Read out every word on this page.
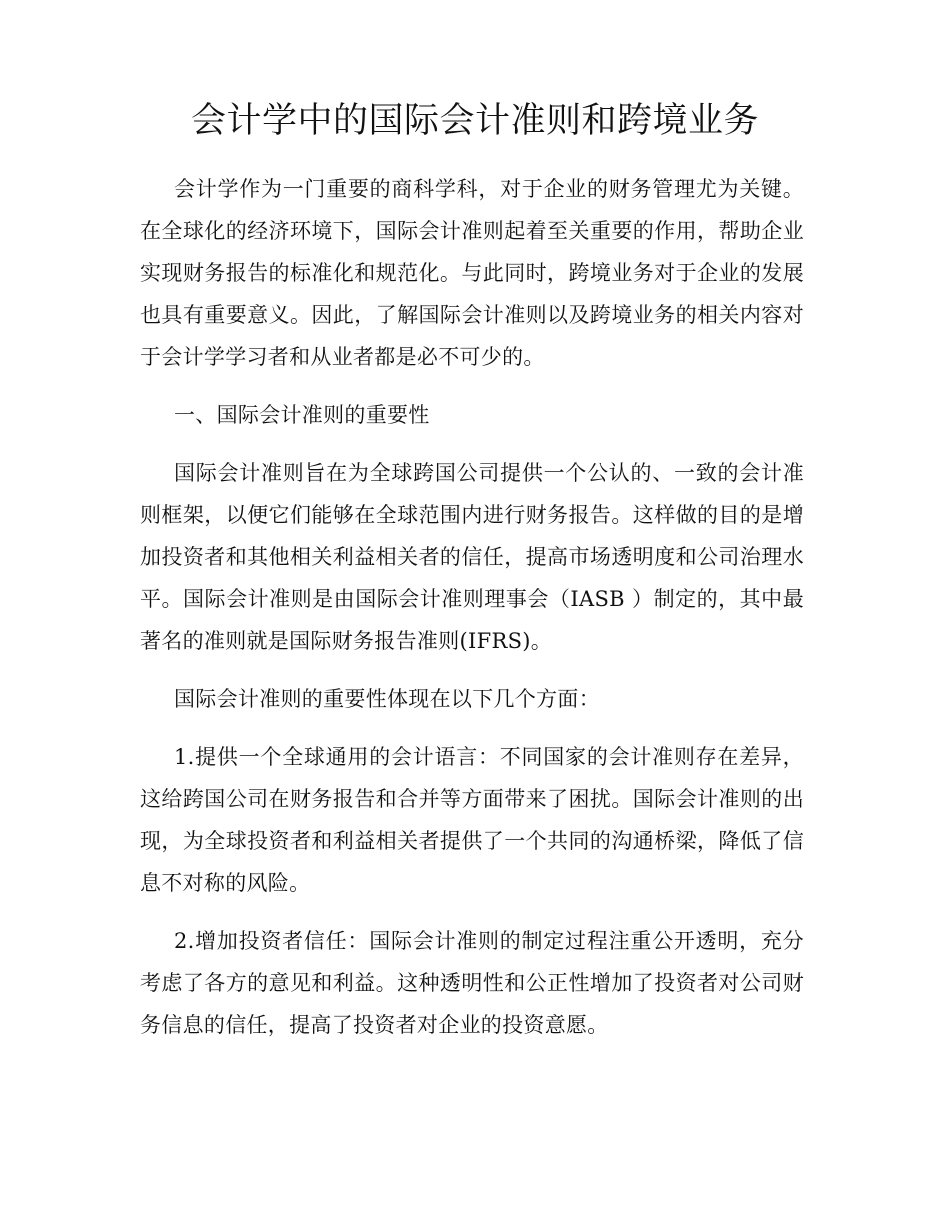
会计学中的国际会计准则和跨境业务

会计学作为一门重要的商科学科，对于企业的财务管理尤为关键。在全球化的经济环境下，国际会计准则起着至关重要的作用，帮助企业实现财务报告的标准化和规范化。与此同时，跨境业务对于企业的发展也具有重要意义。因此，了解国际会计准则以及跨境业务的相关内容对于会计学学习者和从业者都是必不可少的。

一、国际会计准则的重要性

国际会计准则旨在为全球跨国公司提供一个公认的、一致的会计准则框架，以便它们能够在全球范围内进行财务报告。这样做的目的是增加投资者和其他相关利益相关者的信任，提高市场透明度和公司治理水平。国际会计准则是由国际会计准则理事会（IASB ）制定的，其中最著名的准则就是国际财务报告准则(IFRS)。

国际会计准则的重要性体现在以下几个方面：

1.提供一个全球通用的会计语言：不同国家的会计准则存在差异，这给跨国公司在财务报告和合并等方面带来了困扰。国际会计准则的出现，为全球投资者和利益相关者提供了一个共同的沟通桥梁，降低了信息不对称的风险。

2.增加投资者信任：国际会计准则的制定过程注重公开透明，充分考虑了各方的意见和利益。这种透明性和公正性增加了投资者对公司财务信息的信任，提高了投资者对企业的投资意愿。
